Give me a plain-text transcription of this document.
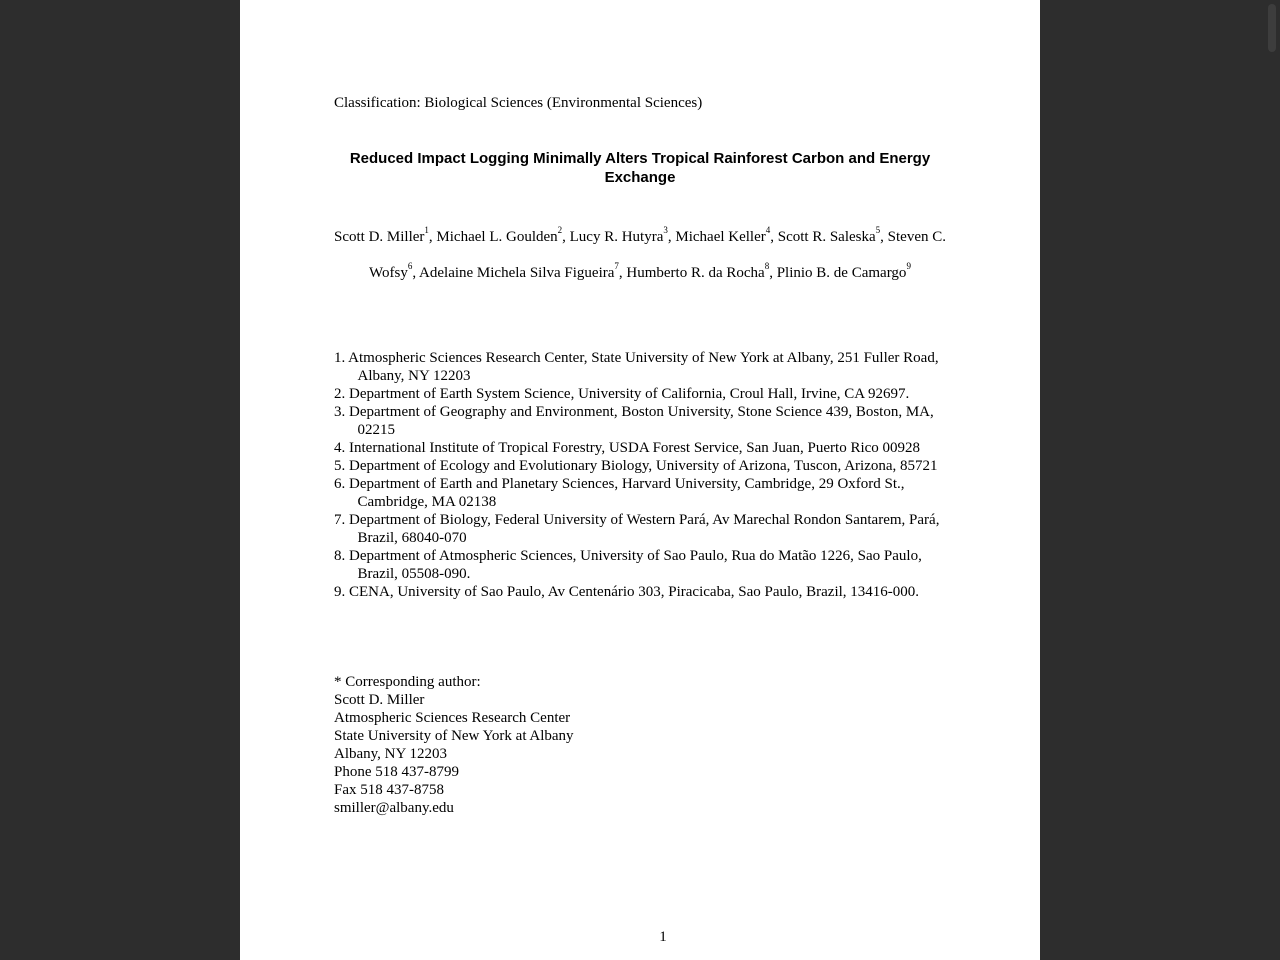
Classification: Biological Sciences (Environmental Sciences)
Reduced Impact Logging Minimally Alters Tropical Rainforest Carbon and Energy Exchange
Scott D. Miller$^1$, Michael L. Goulden$^2$, Lucy R. Hutyra$^3$, Michael Keller$^4$, Scott R. Saleska$^5$, Steven C. Wofsy$^6$, Adelaine Michela Silva Figueira$^7$, Humberto R. da Rocha$^8$, Plinio B. de Camargo$^9$
1. Atmospheric Sciences Research Center, State University of New York at Albany, 251 Fuller Road, Albany, NY 12203
2. Department of Earth System Science, University of California, Croul Hall, Irvine, CA 92697.
3. Department of Geography and Environment, Boston University, Stone Science 439, Boston, MA, 02215
4. International Institute of Tropical Forestry, USDA Forest Service, San Juan, Puerto Rico 00928
5. Department of Ecology and Evolutionary Biology, University of Arizona, Tuscon, Arizona, 85721
6. Department of Earth and Planetary Sciences, Harvard University, Cambridge, 29 Oxford St., Cambridge, MA 02138
7. Department of Biology, Federal University of Western Pará, Av Marechal Rondon Santarem, Pará, Brazil, 68040-070
8. Department of Atmospheric Sciences, University of Sao Paulo, Rua do Matão 1226, Sao Paulo, Brazil, 05508-090.
9. CENA, University of Sao Paulo, Av Centenário 303, Piracicaba, Sao Paulo, Brazil, 13416-000.
* Corresponding author:
Scott D. Miller
Atmospheric Sciences Research Center
State University of New York at Albany
Albany, NY 12203
Phone 518 437-8799
Fax 518 437-8758
smiller@albany.edu
1
